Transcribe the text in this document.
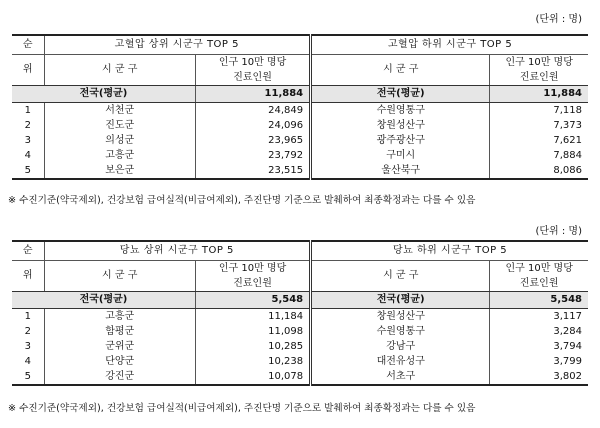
(단위 : 명)
순	고혈압 상위 시군구 TOP 5		고혈압 하위 시군구 TOP 5	
위	시 군 구	인구 10만 명당	시 군 구	인구 10만 명당
		진료인원		진료인원
전국(평균)		11,884	전국(평균)	11,884
1	서천군	24,849	수원영통구	7,118
2	진도군	24,096	창원성산구	7,373
3	의성군	23,965	광주광산구	7,621
4	고흥군	23,792	구미시	7,884
5	보은군	23,515	울산북구	8,086
※ 수진기준(약국제외), 건강보험 급여실적(비급여제외), 주진단명 기준으로 발췌하여 최종확정과는 다를 수 있음
(단위 : 명)
순	당뇨 상위 시군구 TOP 5		당뇨 하위 시군구 TOP 5	
위	시 군 구	인구 10만 명당	시 군 구	인구 10만 명당
		진료인원		진료인원
전국(평균)		5,548	전국(평균)	5,548
1	고흥군	11,184	창원성산구	3,117
2	함평군	11,098	수원영통구	3,284
3	군위군	10,285	강남구	3,794
4	단양군	10,238	대전유성구	3,799
5	강진군	10,078	서초구	3,802
※ 수진기준(약국제외), 건강보험 급여실적(비급여제외), 주진단명 기준으로 발췌하여 최종확정과는 다를 수 있음
